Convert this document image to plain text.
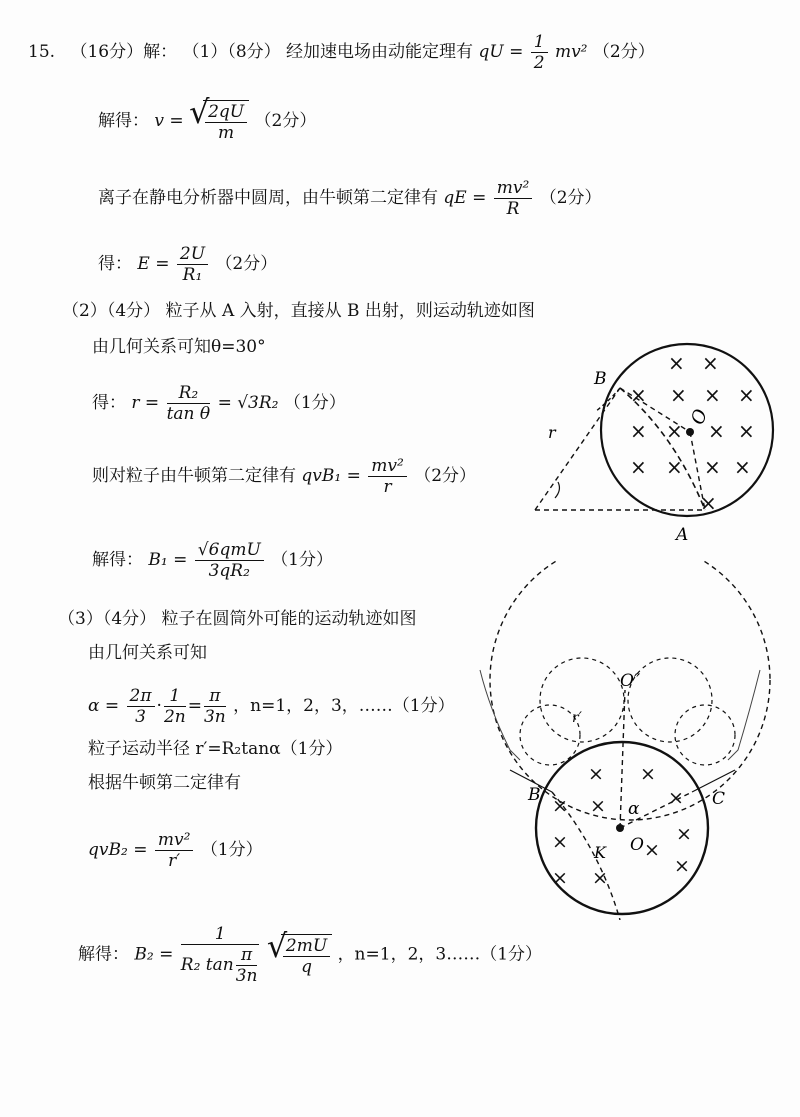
15. （16分）解： （1）（8分） 经加速电场由动能定理有 qU = $\frac{1}{2} mv^2$ （2分）
解得： v = √
$\frac{2qU}{m} (2$分）
离子在静电分析器中圆周，由牛顿第二定律有 qE = $\frac{\text{mv²}}{R} (2$分）
得： $E = \frac{2U}{\text{R₁}} (2$分）
（2）（4分） 粒子从 A 入射，直接从 B 出射，则运动轨迹如图
由几何关系可知θ=30°
得： $r = \frac{\text{R₂}}{\text{tan θ}} = √3R_2$ （1分）
则对粒子由牛顿第二定律有 $qvB_1 = \frac{\text{mv²}}{r} (2$分）
解得： $B_1 = \frac{\text{√6qmU}}{\text{3qR₂}} (1$分）
（3）（4分） 粒子在圆筒外可能的运动轨迹如图
由几何关系可知
$\alpha = \frac{2\pi}{3} \cdot \frac{1}{2n} = \frac{\pi}{3n}$ ，n=1，2，3，……（1分）
粒子运动半径 r′=R₂tanα（1分）
根据牛顿第二定律有
$qvB_2 = \frac{\text{mv²}}{r'} (1$分）
解得： $B_2 = \frac{1}{R_2 \tan \frac{\pi}{3n}}$
√
$\frac{2mU}{q}$ ，n=1，2，3……（1分）
× ×
× × × ×
× × × ×
× × × ×
×
B
A
O
r
× ×
× ×	×
×	×
× ×
×
×
B	C
O″
α
O
K
r′
